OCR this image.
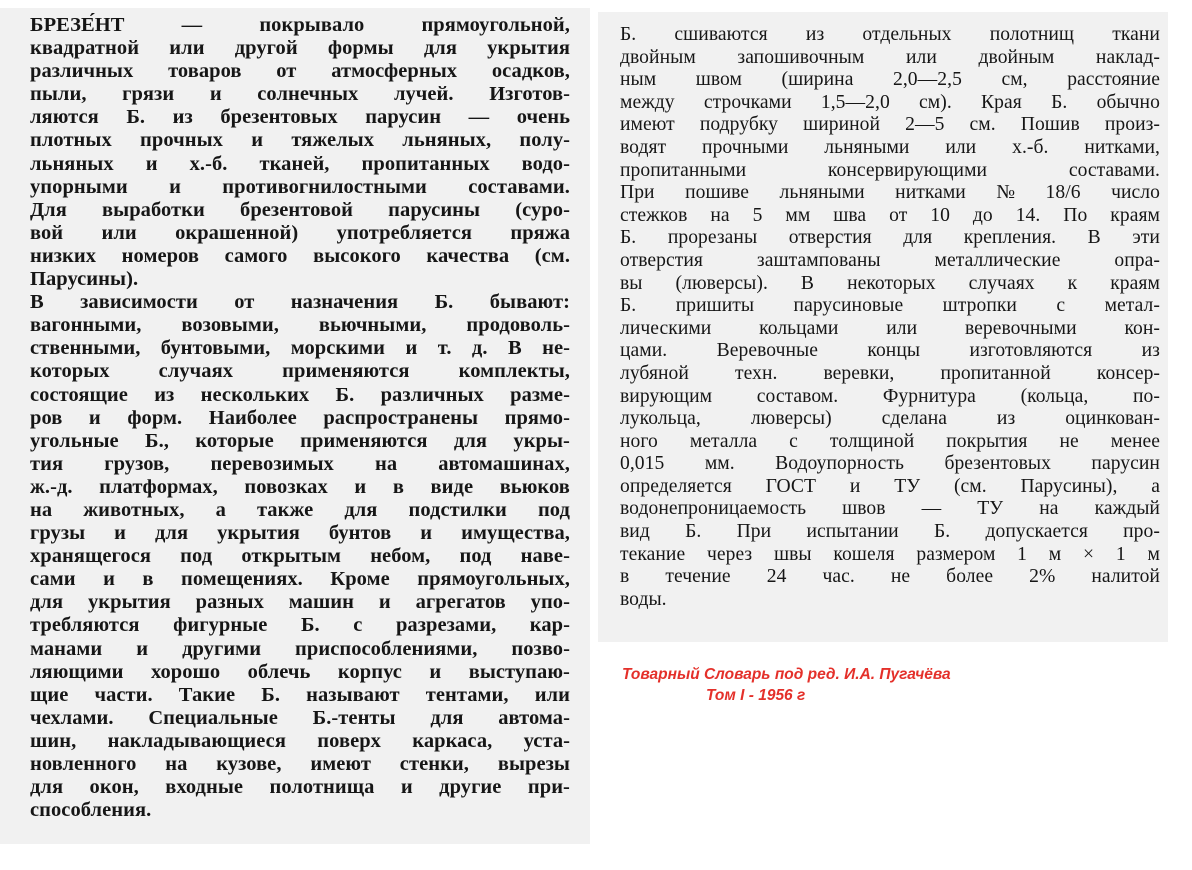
БРЕЗЕ́НТ	—	покрывало	прямоугольной,
квадратной или другой формы для укрытия
различных товаров от атмосферных осадков,
пыли, грязи и солнечных лучей. Изготов-
ляются Б. из брезентовых парусин — очень
плотных прочных и тяжелых льняных, полу-
льняных и х.-б. тканей, пропитанных водо-
упорными и противогнилостными составами.
Для выработки брезентовой парусины (суро-
вой или окрашенной) употребляется пряжа
низких номеров самого высокого качества (см.
Парусины).
В зависимости от назначения Б. бывают:
вагонными, возовыми, вьючными, продоволь-
ственными, бунтовыми, морскими и т. д. В не-
которых случаях применяются комплекты,
состоящие из нескольких Б. различных разме-
ров и форм. Наиболее распространены прямо-
угольные Б., которые применяются для укры-
тия грузов, перевозимых на автомашинах,
ж.-д. платформах, повозках и в виде вьюков
на животных, а также для подстилки под
грузы и для укрытия бунтов и имущества,
хранящегося под открытым небом, под наве-
сами и в помещениях. Кроме прямоугольных,
для укрытия разных машин и агрегатов упо-
требляются фигурные Б. с разрезами, кар-
манами и другими приспособлениями, позво-
ляющими хорошо облечь корпус и выступаю-
щие части. Такие Б. называют тентами, или
чехлами. Специальные Б.-тенты для автома-
шин, накладывающиеся поверх каркаса, уста-
новленного на кузове, имеют стенки, вырезы
для окон, входные полотнища и другие при-
способления.
Б. сшиваются из отдельных полотнищ ткани
двойным запошивочным или двойным наклад-
ным швом (ширина 2,0—2,5 см, расстояние
между строчками 1,5—2,0 см). Края Б. обычно
имеют подрубку шириной 2—5 см. Пошив произ-
водят прочными льняными или х.-б. нитками,
пропитанными	консервирующими	составами.
При пошиве льняными нитками № 18/6 число
стежков на 5 мм шва от 10 до 14. По краям
Б. прорезаны отверстия для крепления. В эти
отверстия	заштампованы	металлические	опра-
вы (люверсы). В некоторых случаях к краям
Б. пришиты парусиновые штропки с метал-
лическими кольцами или веревочными кон-
цами.	Веревочные	концы	изготовляются	из
лубяной техн. веревки, пропитанной консер-
вирующим составом. Фурнитура (кольца, по-
лукольца,	люверсы)	сделана	из	оцинкован-
ного металла с толщиной покрытия не менее
0,015 мм. Водоупорность брезентовых парусин
определяется ГОСТ и ТУ (см. Парусины), а
водонепроницаемость швов — ТУ на каждый
вид Б. При испытании Б. допускается про-
текание через швы кошеля размером 1 м × 1 м
в течение 24 час. не более 2% налитой
воды.
Товарный Словарь под ред. И.А. Пугачёва
Том I - 1956 г
